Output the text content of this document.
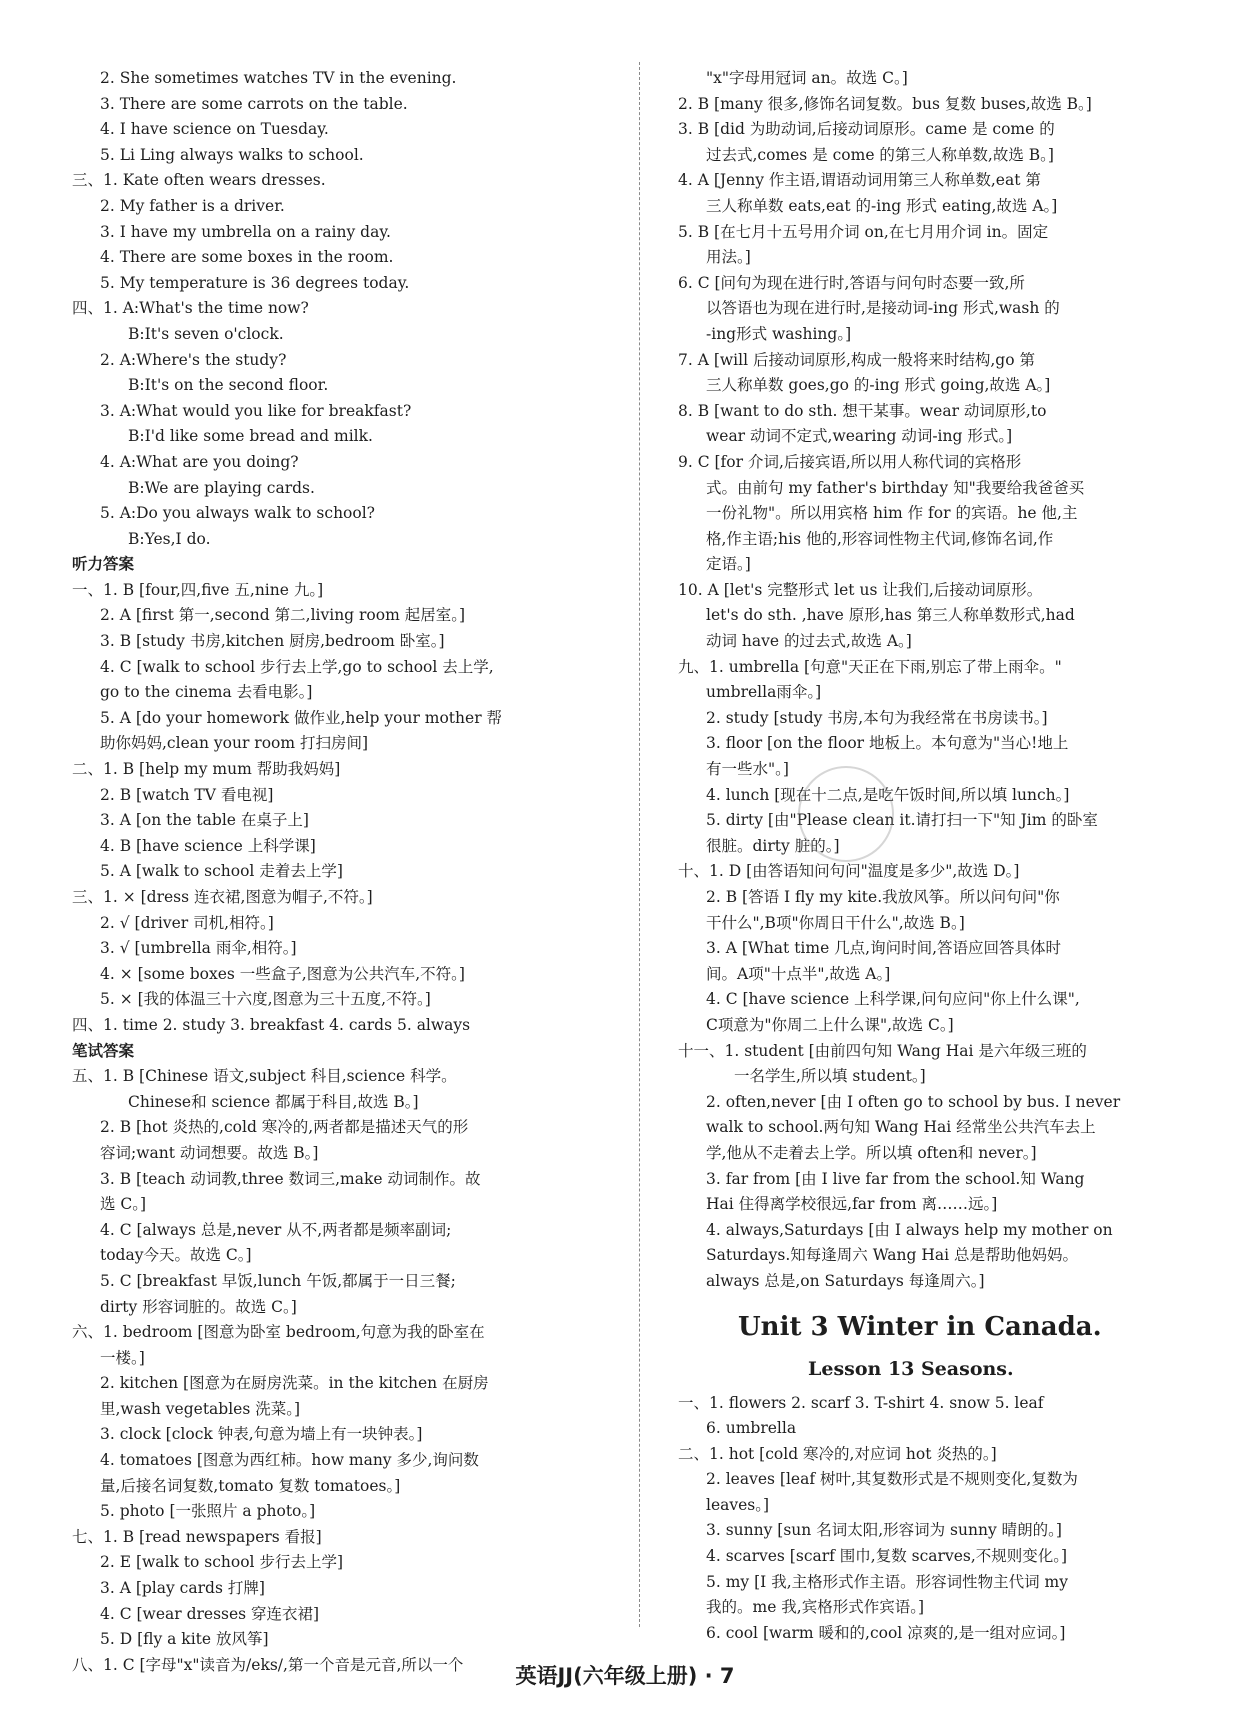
2. She sometimes watches TV in the evening.
3. There are some carrots on the table.
4. I have science on Tuesday.
5. Li Ling always walks to school.
三、1. Kate often wears dresses.
2. My father is a driver.
3. I have my umbrella on a rainy day.
4. There are some boxes in the room.
5. My temperature is 36 degrees today.
四、1. A:What's the time now?
B:It's seven o'clock.
2. A:Where's the study?
B:It's on the second floor.
3. A:What would you like for breakfast?
B:I'd like some bread and milk.
4. A:What are you doing?
B:We are playing cards.
5. A:Do you always walk to school?
B:Yes,I do.
听力答案
一、1. B [four,四,five 五,nine 九。]
2. A [first 第一,second 第二,living room 起居室。]
3. B [study 书房,kitchen 厨房,bedroom 卧室。]
4. C [walk to school 步行去上学,go to school 去上学,
go to the cinema 去看电影。]
5. A [do your homework 做作业,help your mother 帮
助你妈妈,clean your room 打扫房间]
二、1. B [help my mum 帮助我妈妈]
2. B [watch TV 看电视]
3. A [on the table 在桌子上]
4. B [have science 上科学课]
5. A [walk to school 走着去上学]
三、1. × [dress 连衣裙,图意为帽子,不符。]
2. √ [driver 司机,相符。]
3. √ [umbrella 雨伞,相符。]
4. × [some boxes 一些盒子,图意为公共汽车,不符。]
5. × [我的体温三十六度,图意为三十五度,不符。]
四、1. time 2. study 3. breakfast 4. cards 5. always
笔试答案
五、1. B [Chinese 语文,subject 科目,science 科学。
Chinese和 science 都属于科目,故选 B。]
2. B [hot 炎热的,cold 寒冷的,两者都是描述天气的形
容词;want 动词想要。故选 B。]
3. B [teach 动词教,three 数词三,make 动词制作。故
选 C。]
4. C [always 总是,never 从不,两者都是频率副词;
today今天。故选 C。]
5. C [breakfast 早饭,lunch 午饭,都属于一日三餐;
dirty 形容词脏的。故选 C。]
六、1. bedroom [图意为卧室 bedroom,句意为我的卧室在
一楼。]
2. kitchen [图意为在厨房洗菜。in the kitchen 在厨房
里,wash vegetables 洗菜。]
3. clock [clock 钟表,句意为墙上有一块钟表。]
4. tomatoes [图意为西红柿。how many 多少,询问数
量,后接名词复数,tomato 复数 tomatoes。]
5. photo [一张照片 a photo。]
七、1. B [read newspapers 看报]
2. E [walk to school 步行去上学]
3. A [play cards 打牌]
4. C [wear dresses 穿连衣裙]
5. D [fly a kite 放风筝]
八、1. C [字母"x"读音为/eks/,第一个音是元音,所以一个
"x"字母用冠词 an。故选 C。]
2. B [many 很多,修饰名词复数。bus 复数 buses,故选 B。]
3. B [did 为助动词,后接动词原形。came 是 come 的
过去式,comes 是 come 的第三人称单数,故选 B。]
4. A [Jenny 作主语,谓语动词用第三人称单数,eat 第
三人称单数 eats,eat 的-ing 形式 eating,故选 A。]
5. B [在七月十五号用介词 on,在七月用介词 in。固定
用法。]
6. C [问句为现在进行时,答语与问句时态要一致,所
以答语也为现在进行时,是接动词-ing 形式,wash 的
-ing形式 washing。]
7. A [will 后接动词原形,构成一般将来时结构,go 第
三人称单数 goes,go 的-ing 形式 going,故选 A。]
8. B [want to do sth. 想干某事。wear 动词原形,to
wear 动词不定式,wearing 动词-ing 形式。]
9. C [for 介词,后接宾语,所以用人称代词的宾格形
式。由前句 my father's birthday 知"我要给我爸爸买
一份礼物"。所以用宾格 him 作 for 的宾语。he 他,主
格,作主语;his 他的,形容词性物主代词,修饰名词,作
定语。]
10. A [let's 完整形式 let us 让我们,后接动词原形。
let's do sth. ,have 原形,has 第三人称单数形式,had
动词 have 的过去式,故选 A。]
九、1. umbrella [句意"天正在下雨,别忘了带上雨伞。"
umbrella雨伞。]
2. study [study 书房,本句为我经常在书房读书。]
3. floor [on the floor 地板上。本句意为"当心!地上
有一些水"。]
4. lunch [现在十二点,是吃午饭时间,所以填 lunch。]
5. dirty [由"Please clean it.请打扫一下"知 Jim 的卧室
很脏。dirty 脏的。]
十、1. D [由答语知问句问"温度是多少",故选 D。]
2. B [答语 I fly my kite.我放风筝。所以问句问"你
干什么",B项"你周日干什么",故选 B。]
3. A [What time 几点,询问时间,答语应回答具体时
间。A项"十点半",故选 A。]
4. C [have science 上科学课,问句应问"你上什么课",
C项意为"你周二上什么课",故选 C。]
十一、1. student [由前四句知 Wang Hai 是六年级三班的
一名学生,所以填 student。]
2. often,never [由 I often go to school by bus. I never
walk to school.两句知 Wang Hai 经常坐公共汽车去上
学,他从不走着去上学。所以填 often和 never。]
3. far from [由 I live far from the school.知 Wang
Hai 住得离学校很远,far from 离……远。]
4. always,Saturdays [由 I always help my mother on
Saturdays.知每逢周六 Wang Hai 总是帮助他妈妈。
always 总是,on Saturdays 每逢周六。]
Unit 3 Winter in Canada.
Lesson 13 Seasons.
一、1. flowers 2. scarf 3. T-shirt 4. snow 5. leaf
6. umbrella
二、1. hot [cold 寒冷的,对应词 hot 炎热的。]
2. leaves [leaf 树叶,其复数形式是不规则变化,复数为
leaves。]
3. sunny [sun 名词太阳,形容词为 sunny 晴朗的。]
4. scarves [scarf 围巾,复数 scarves,不规则变化。]
5. my [I 我,主格形式作主语。形容词性物主代词 my
我的。me 我,宾格形式作宾语。]
6. cool [warm 暖和的,cool 凉爽的,是一组对应词。]
英语JJ(六年级上册) · 7
